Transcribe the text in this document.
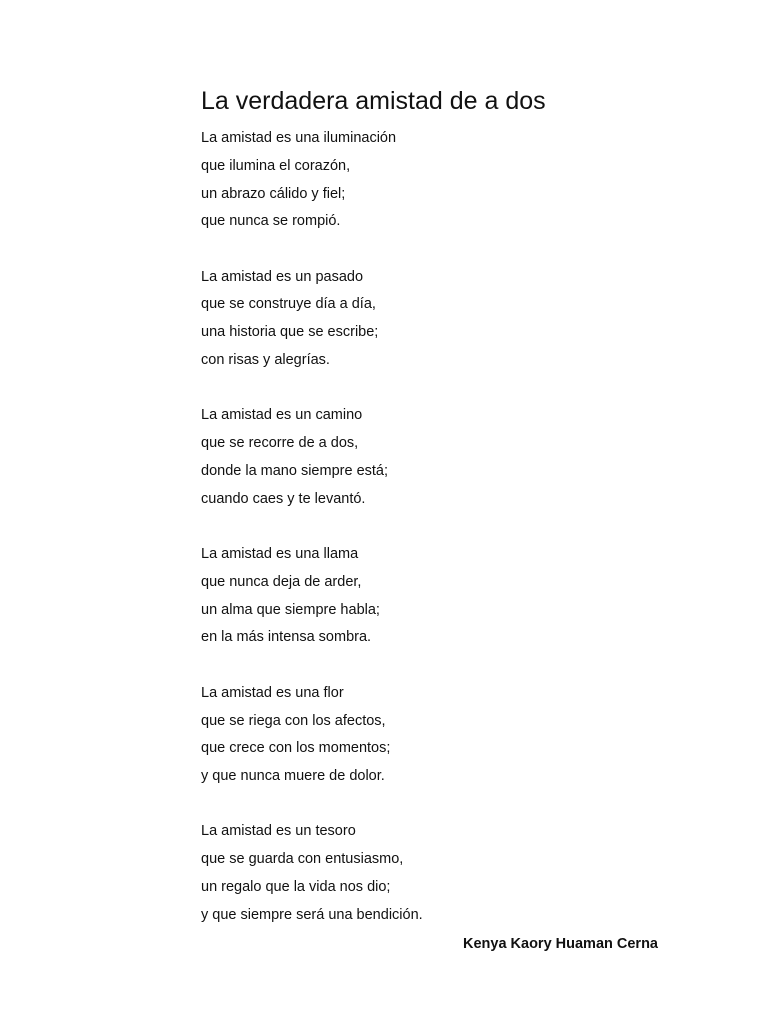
La verdadera amistad de a dos
La amistad es una iluminación
que ilumina el corazón,
un abrazo cálido y fiel;
que nunca se rompió.
La amistad es un pasado
que se construye día a día,
una historia que se escribe;
con risas y alegrías.
La amistad es un camino
que se recorre de a dos,
donde la mano siempre está;
cuando caes y te levantó.
La amistad es una llama
que nunca deja de arder,
un alma que siempre habla;
en la más intensa sombra.
La amistad es una flor
que se riega con los afectos,
que crece con los momentos;
y que nunca muere de dolor.
La amistad es un tesoro
que se guarda con entusiasmo,
un regalo que la vida nos dio;
y que siempre será una bendición.
Kenya Kaory Huaman Cerna
